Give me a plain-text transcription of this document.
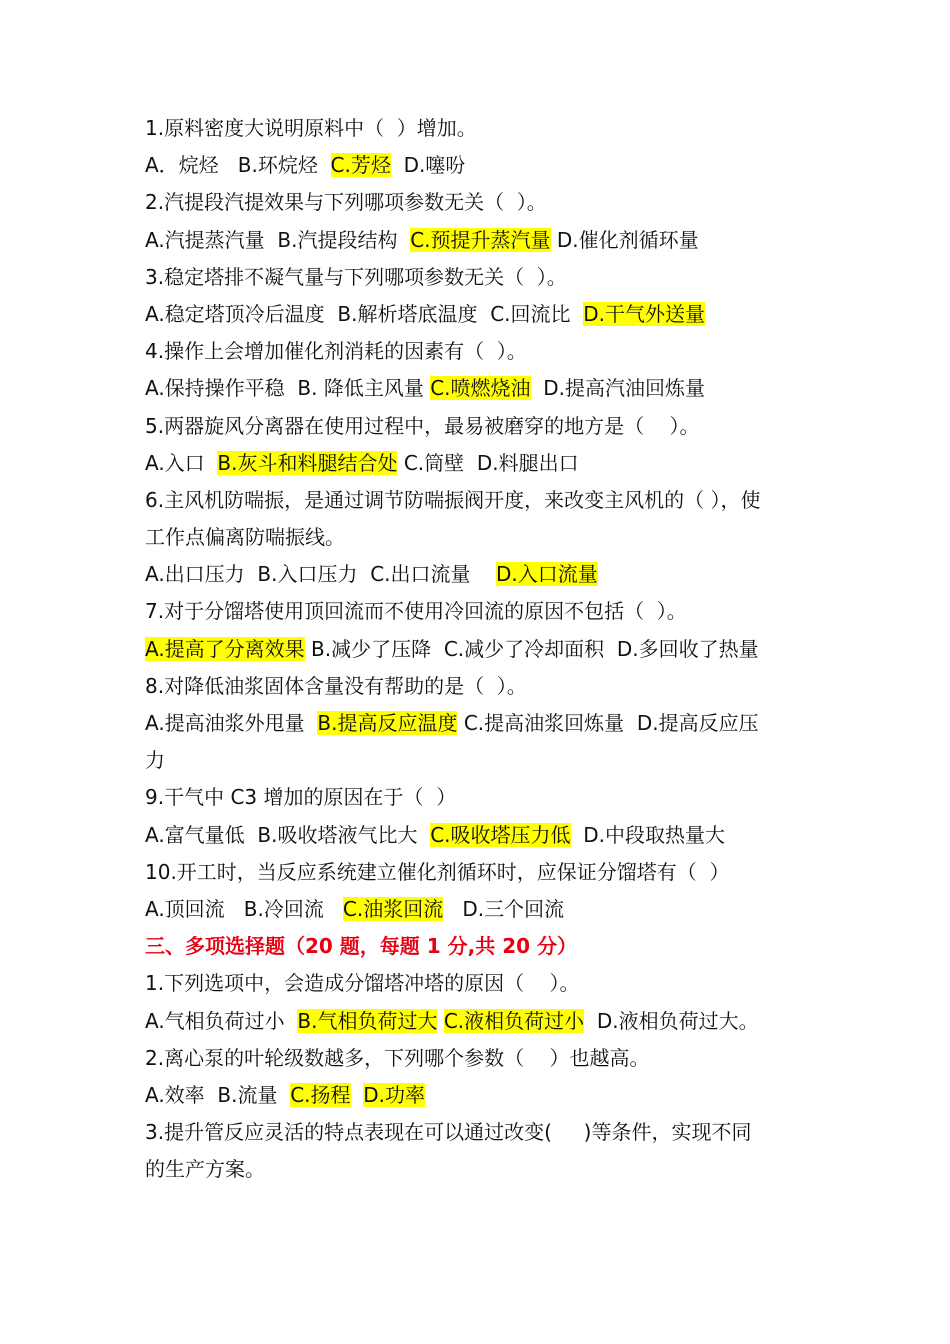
1.原料密度大说明原料中（  ）增加。
A．烷烃   B.环烷烃  C.芳烃  D.噻吩
2.汽提段汽提效果与下列哪项参数无关（  ）。
A.汽提蒸汽量  B.汽提段结构  C.预提升蒸汽量 D.催化剂循环量
3.稳定塔排不凝气量与下列哪项参数无关（  ）。
A.稳定塔顶冷后温度  B.解析塔底温度  C.回流比  D.干气外送量
4.操作上会增加催化剂消耗的因素有（  ）。
A.保持操作平稳  B. 降低主风量 C.喷燃烧油  D.提高汽油回炼量
5.两器旋风分离器在使用过程中，最易被磨穿的地方是（    ）。
A.入口  B.灰斗和料腿结合处 C.筒壁  D.料腿出口
6.主风机防喘振，是通过调节防喘振阀开度，来改变主风机的（ ），使
工作点偏离防喘振线。
A.出口压力  B.入口压力  C.出口流量    D.入口流量
7.对于分馏塔使用顶回流而不使用冷回流的原因不包括（  ）。
A.提高了分离效果 B.减少了压降  C.减少了冷却面积  D.多回收了热量
8.对降低油浆固体含量没有帮助的是（  ）。
A.提高油浆外甩量  B.提高反应温度 C.提高油浆回炼量  D.提高反应压
力
9.干气中 C3 增加的原因在于（  ）
A.富气量低  B.吸收塔液气比大  C.吸收塔压力低  D.中段取热量大
10.开工时，当反应系统建立催化剂循环时，应保证分馏塔有（  ）
A.顶回流   B.冷回流   C.油浆回流   D.三个回流
三、多项选择题（20 题，每题 1 分,共 20 分）
1.下列选项中，会造成分馏塔冲塔的原因（    ）。
A.气相负荷过小  B.气相负荷过大 C.液相负荷过小  D.液相负荷过大。
2.离心泵的叶轮级数越多，下列哪个参数（    ）也越高。
A.效率  B.流量  C.扬程 D.功率
3.提升管反应灵活的特点表现在可以通过改变(     )等条件，实现不同
的生产方案。
